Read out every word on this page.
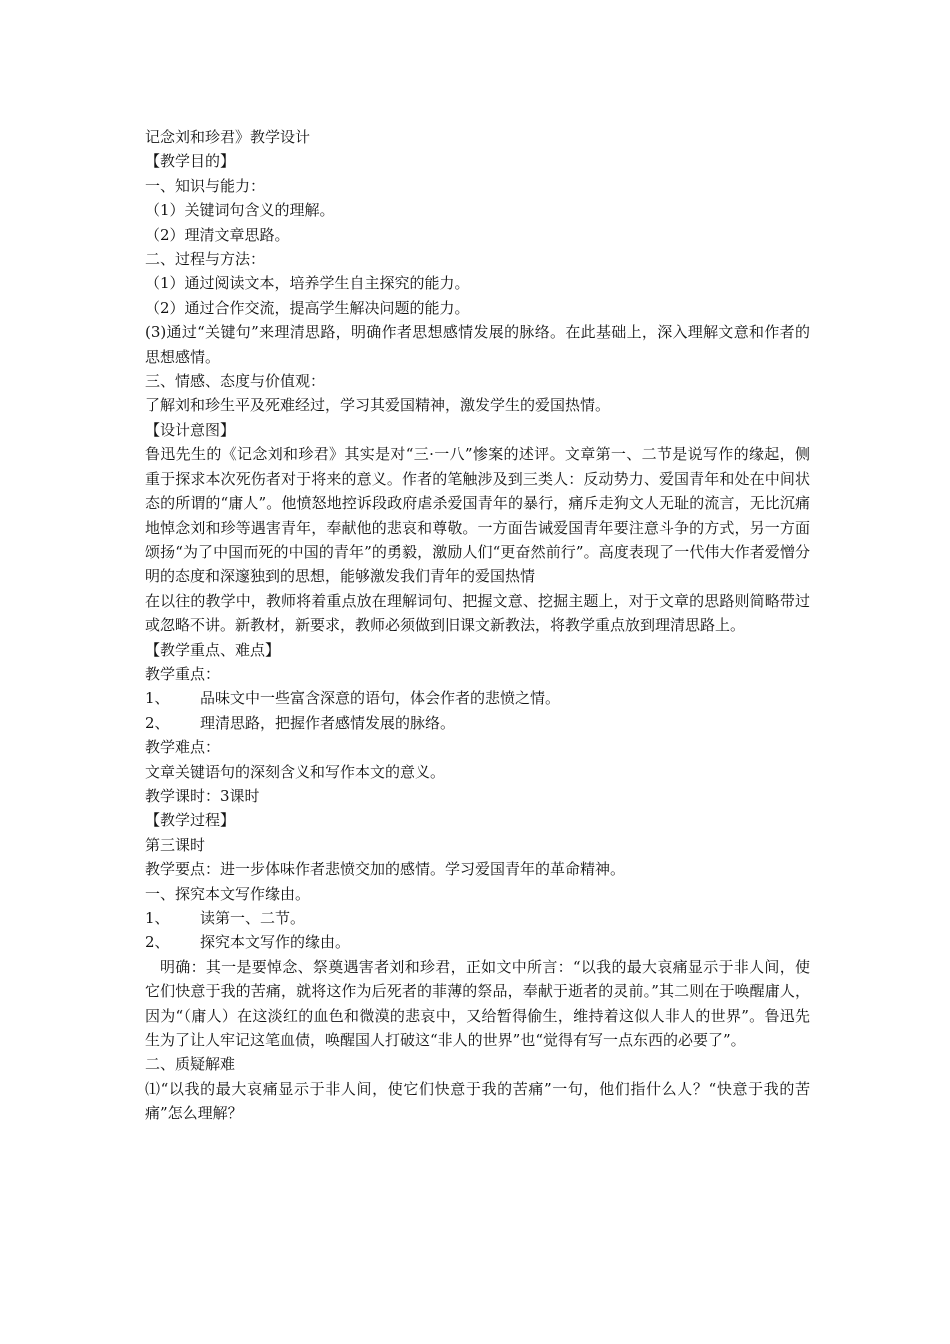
记念刘和珍君》教学设计

【教学目的】

一、知识与能力：

（1）关键词句含义的理解。

（2）理清文章思路。

二、过程与方法：

（1）通过阅读文本，培养学生自主探究的能力。

（2）通过合作交流，提高学生解决问题的能力。

(3)通过“关键句”来理清思路，明确作者思想感情发展的脉络。在此基础上，深入理解文意和作者的思想感情。

三、情感、态度与价值观：

了解刘和珍生平及死难经过，学习其爱国精神，激发学生的爱国热情。

【设计意图】

鲁迅先生的《记念刘和珍君》其实是对“三·一八”惨案的述评。文章第一、二节是说写作的缘起，侧重于探求本次死伤者对于将来的意义。作者的笔触涉及到三类人：反动势力、爱国青年和处在中间状态的所谓的“庸人”。他愤怒地控诉段政府虐杀爱国青年的暴行，痛斥走狗文人无耻的流言，无比沉痛地悼念刘和珍等遇害青年，奉献他的悲哀和尊敬。一方面告诫爱国青年要注意斗争的方式，另一方面颂扬“为了中国而死的中国的青年”的勇毅，激励人们“更奋然前行”。高度表现了一代伟大作者爱憎分明的态度和深邃独到的思想，能够激发我们青年的爱国热情

在以往的教学中，教师将着重点放在理解词句、把握文意、挖掘主题上，对于文章的思路则简略带过或忽略不讲。新教材，新要求，教师必须做到旧课文新教法，将教学重点放到理清思路上。

【教学重点、难点】

教学重点：

1、 品味文中一些富含深意的语句，体会作者的悲愤之情。

2、 理清思路，把握作者感情发展的脉络。

教学难点：

文章关键语句的深刻含义和写作本文的意义。

教学课时：3课时

【教学过程】

第三课时

教学要点：进一步体味作者悲愤交加的感情。学习爱国青年的革命精神。

一、探究本文写作缘由。

1、 读第一、二节。

2、 探究本文写作的缘由。

明确：其一是要悼念、祭奠遇害者刘和珍君，正如文中所言：“以我的最大哀痛显示于非人间，使它们快意于我的苦痛，就将这作为后死者的菲薄的祭品，奉献于逝者的灵前。”其二则在于唤醒庸人，因为“（庸人）在这淡红的血色和微漠的悲哀中，又给暂得偷生，维持着这似人非人的世界”。鲁迅先生为了让人牢记这笔血债，唤醒国人打破这“非人的世界”也“觉得有写一点东西的必要了”。

二、质疑解难

⑴“以我的最大哀痛显示于非人间，使它们快意于我的苦痛”一句，他们指什么人？“快意于我的苦痛”怎么理解？
